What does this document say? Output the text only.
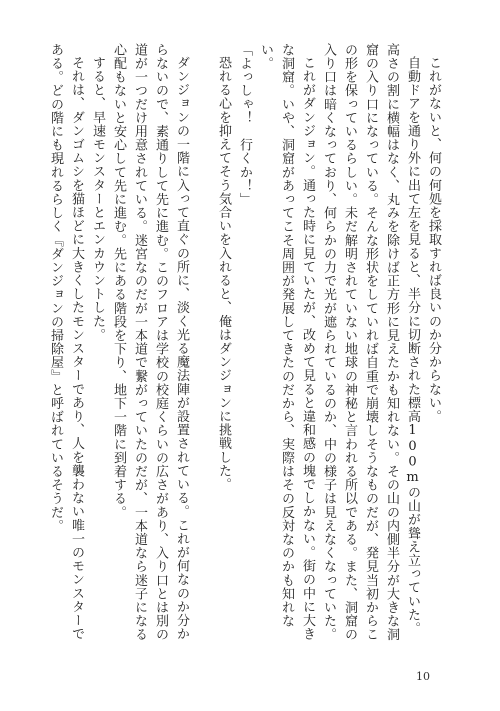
これがないと、何の何処を採取すれば良いのか分からない。

自動ドアを通り外に出て左を見ると、半分に切断された標高100mの山が聳え立っていた。高さの割に横幅はなく、丸みを除けば正方形に見えたかも知れない。その山の内側半分が大きな洞窟の入り口になっている。そんな形状をしていれば自重で崩壊しそうなものだが、発見当初からこの形を保っているらしい。未だ解明されていない地球の神秘と言われる所以である。また、洞窟の入り口は暗くなっており、何らかの力で光が遮られているのか、中の様子は見えなくなっていた。

これがダンジョン。通った時に見ていたが、改めて見ると違和感の塊でしかない。街の中に大きな洞窟。いや、洞窟があってこそ周囲が発展してきたのだから、実際はその反対なのかも知れない。

「よっしゃ！　行くか！」

恐れる心を抑えてそう気合いを入れると、俺はダンジョンに挑戦した。

ダンジョンの一階に入って直ぐの所に、淡く光る魔法陣が設置されている。これが何なのか分からないので、素通りして先に進む。このフロアは学校の校庭くらいの広さがあり、入り口とは別の道が一つだけ用意されている。迷宮なのだが一本道で繋がっていたのだが、一本道なら迷子になる心配もないと安心して先に進む。先にある階段を下り、地下一階に到着する。

すると、早速モンスターとエンカウントした。

それは、ダンゴムシを猫ほどに大きくしたモンスターであり、人を襲わない唯一のモンスターである。どの階にも現れるらしく『ダンジョンの掃除屋』と呼ばれているそうだ。

10
